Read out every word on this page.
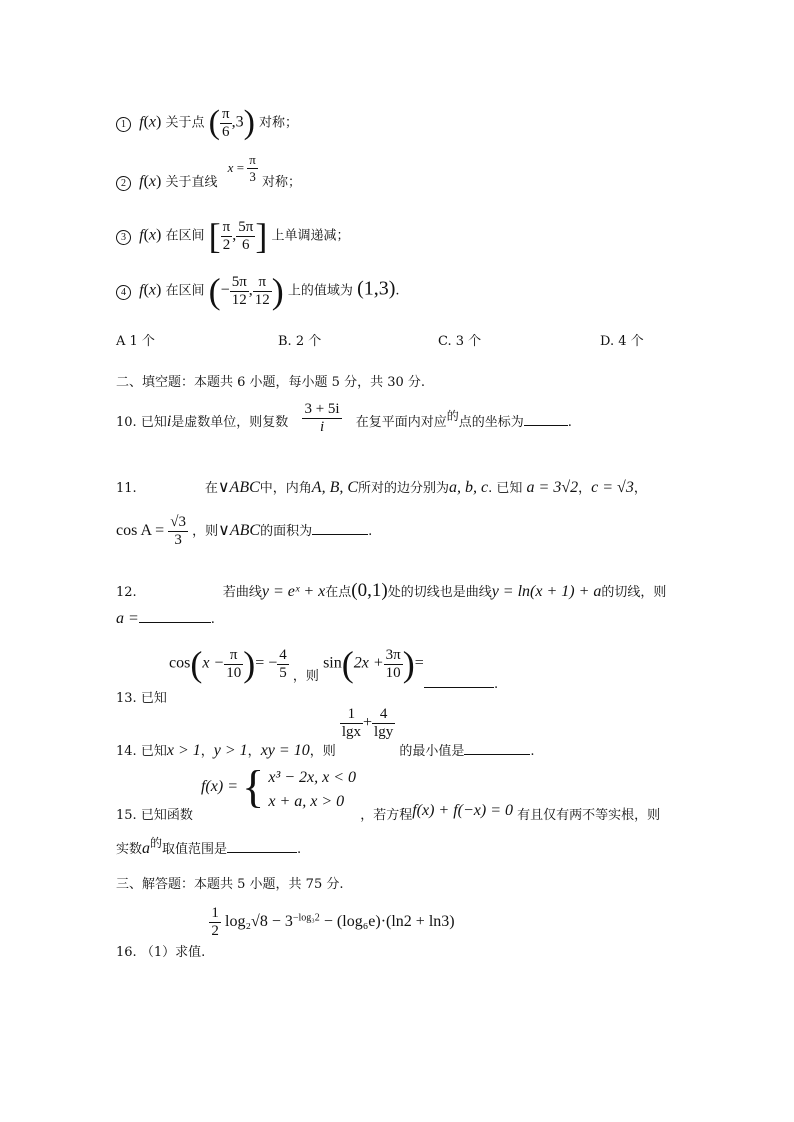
1 f(x) 关于点 ( $\frac{\pi}{6} ,3$) 对称；
2 f(x) 关于直线 $x = \frac{\pi}{3}$ 对称；
3 f(x) 在区间 [ $\frac{\pi}{2}$ , $\frac{5\pi}{6}$ ] 上单调递减；
4 f(x) 在区间 (− $\frac{5\pi}{12}$ , $\frac{\pi}{12}$ ) 上的值域为 (1,3).
A 1 个	B. 2 个	C. 3 个	D. 4 个
二、填空题：本题共 6 小题，每小题 5 分，共 30 分.
10. 已知i是虚数单位，则复数 $\frac{3 + 5i}{i}$ 在复平面内对应的点的坐标为	.
11.	在∨ABC中，内角A, B, C所对的边分别为a, b, c. 已知 a = 3√2，c = √3，
$\cos A = \frac{√3}{3}$ ，则∨ABC的面积为	.
12.	若曲线y = eˣ + x在点(0,1)处的切线也是曲线y = ln(x + 1) + a的切线，则
a =	.
13. 已知 $\cos(x - \frac{\pi}{10}$ )= − $\frac{4}{5}$ ，则 $\sin(2x + \frac{3\pi}{10}$ )=
.
14. 已知x > 1，y > 1，xy = 10，则
$\frac{1}{\lg x} + \frac{4}{\lg y}$
的最小值是	.
15. 已知函数 f(x) = { x³ − 2x, x < 0
x + a, x > 0
，若方程f(x) + f(−x) = 0 有且仅有两不等实根，则
实数a的取值范围是	.
三、解答题：本题共 5 小题，共 75 分.
16. （1）求值.
$\frac{1}{2} \log_2√8 - 3^{-log_32} - (\log_6e)\cdot(\ln 2 + \ln 3)$
